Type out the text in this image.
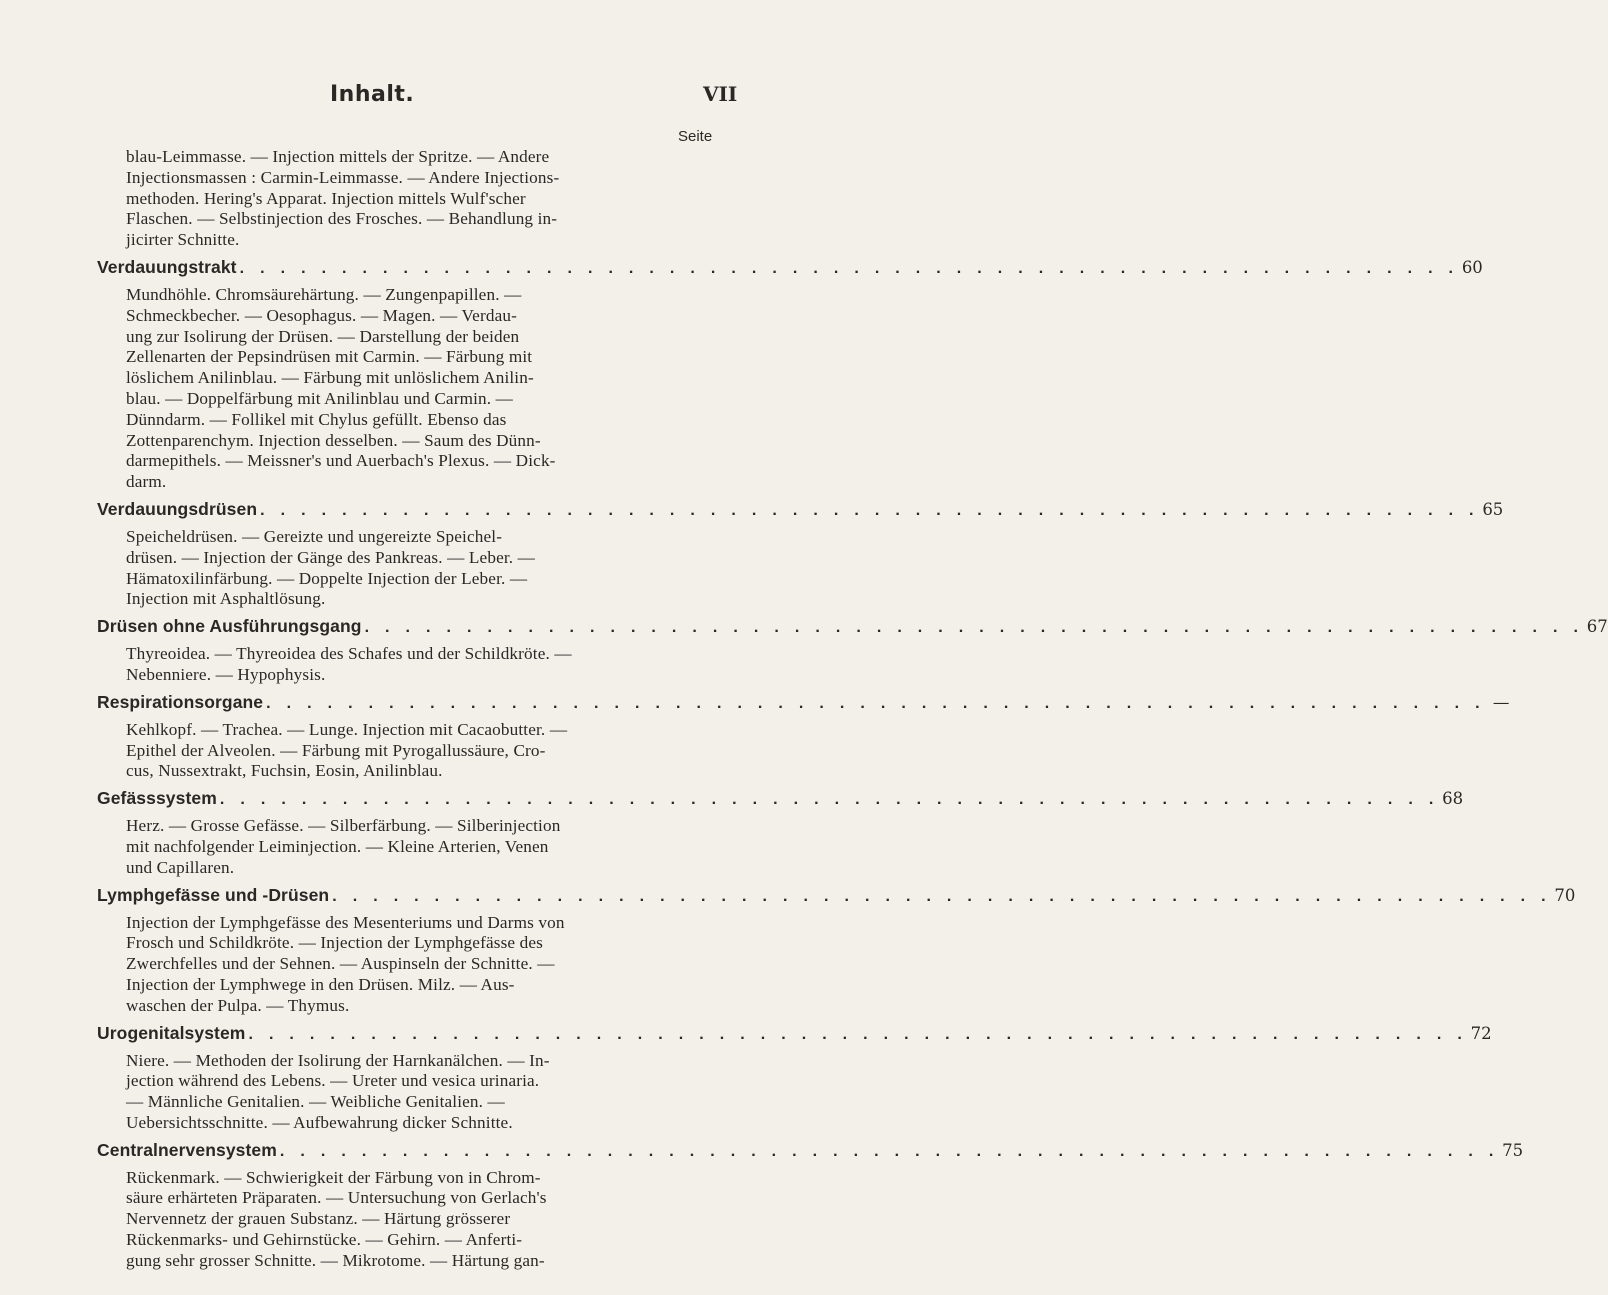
Inhalt.	VII
Seite

blau-Leimmasse. — Injection mittels der Spritze. — Andere
Injectionsmassen : Carmin-Leimmasse. — Andere Injections-
methoden. Hering's Apparat. Injection mittels Wulf'scher
Flaschen. — Selbstinjection des Frosches. — Behandlung in-
jicirter Schnitte.

Verdauungstrakt . . . . . . . . . . . . . . . . . . . . . . . . . . . . . . . . . . . . . . . . . . . . . . . . . . . . . . . . . . . . 60

Mundhöhle. Chromsäurehärtung. — Zungenpapillen. —
Schmeckbecher. — Oesophagus. — Magen. — Verdau-
ung zur Isolirung der Drüsen. — Darstellung der beiden
Zellenarten der Pepsindrüsen mit Carmin. — Färbung mit
löslichem Anilinblau. — Färbung mit unlöslichem Anilin-
blau. — Doppelfärbung mit Anilinblau und Carmin. —
Dünndarm. — Follikel mit Chylus gefüllt. Ebenso das
Zottenparenchym. Injection desselben. — Saum des Dünn-
darmepithels. — Meissner's und Auerbach's Plexus. — Dick-
darm.

Verdauungsdrüsen . . . . . . . . . . . . . . . . . . . . . . . . . . . . . . . . . . . . . . . . . . . . . . . . . . . . . . . . . . . . 65

Speicheldrüsen. — Gereizte und ungereizte Speichel-
drüsen. — Injection der Gänge des Pankreas. — Leber. —
Hämatoxilinfärbung. — Doppelte Injection der Leber. —
Injection mit Asphaltlösung.

Drüsen ohne Ausführungsgang . . . . . . . . . . . . . . . . . . . . . . . . . . . . . . . . . . . . . . . . . . . . . . . . . . . . . . . . . . . . 67

Thyreoidea. — Thyreoidea des Schafes und der Schildkröte. —
Nebenniere. — Hypophysis.

Respirationsorgane . . . . . . . . . . . . . . . . . . . . . . . . . . . . . . . . . . . . . . . . . . . . . . . . . . . . . . . . . . . . —

Kehlkopf. — Trachea. — Lunge. Injection mit Cacaobutter. —
Epithel der Alveolen. — Färbung mit Pyrogallussäure, Cro-
cus, Nussextrakt, Fuchsin, Eosin, Anilinblau.

Gefässsystem . . . . . . . . . . . . . . . . . . . . . . . . . . . . . . . . . . . . . . . . . . . . . . . . . . . . . . . . . . . . 68

Herz. — Grosse Gefässe. — Silberfärbung. — Silberinjection
mit nachfolgender Leiminjection. — Kleine Arterien, Venen
und Capillaren.

Lymphgefässe und -Drüsen . . . . . . . . . . . . . . . . . . . . . . . . . . . . . . . . . . . . . . . . . . . . . . . . . . . . . . . . . . . . 70

Injection der Lymphgefässe des Mesenteriums und Darms von
Frosch und Schildkröte. — Injection der Lymphgefässe des
Zwerchfelles und der Sehnen. — Auspinseln der Schnitte. —
Injection der Lymphwege in den Drüsen. Milz. — Aus-
waschen der Pulpa. — Thymus.

Urogenitalsystem . . . . . . . . . . . . . . . . . . . . . . . . . . . . . . . . . . . . . . . . . . . . . . . . . . . . . . . . . . . . 72

Niere. — Methoden der Isolirung der Harnkanälchen. — In-
jection während des Lebens. — Ureter und vesica urinaria.
— Männliche Genitalien. — Weibliche Genitalien. —
Uebersichtsschnitte. — Aufbewahrung dicker Schnitte.

Centralnervensystem . . . . . . . . . . . . . . . . . . . . . . . . . . . . . . . . . . . . . . . . . . . . . . . . . . . . . . . . . . . . 75

Rückenmark. — Schwierigkeit der Färbung von in Chrom-
säure erhärteten Präparaten. — Untersuchung von Gerlach's
Nervennetz der grauen Substanz. — Härtung grösserer
Rückenmarks- und Gehirnstücke. — Gehirn. — Anferti-
gung sehr grosser Schnitte. — Mikrotome. — Härtung gan-
